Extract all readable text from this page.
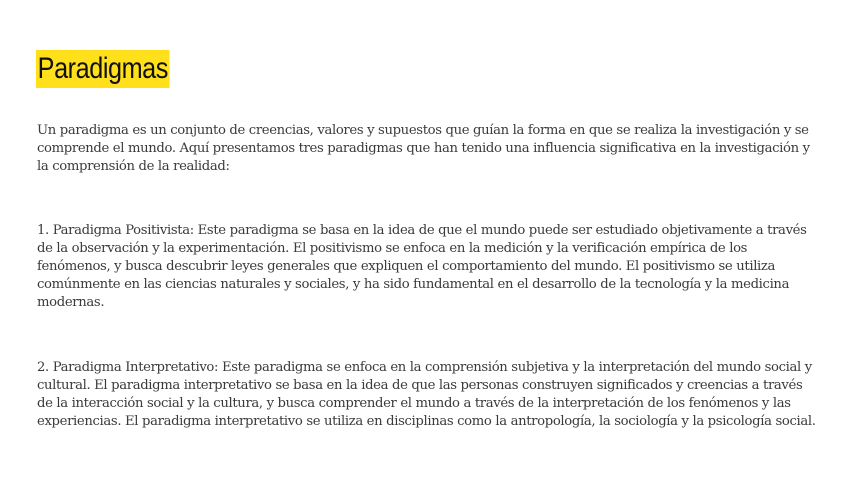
Paradigmas

Un paradigma es un conjunto de creencias, valores y supuestos que guían la forma en que se realiza la investigación y se comprende el mundo. Aquí presentamos tres paradigmas que han tenido una influencia significativa en la investigación y la comprensión de la realidad:

1. Paradigma Positivista: Este paradigma se basa en la idea de que el mundo puede ser estudiado objetivamente a través de la observación y la experimentación. El positivismo se enfoca en la medición y la verificación empírica de los fenómenos, y busca descubrir leyes generales que expliquen el comportamiento del mundo. El positivismo se utiliza comúnmente en las ciencias naturales y sociales, y ha sido fundamental en el desarrollo de la tecnología y la medicina modernas.

2. Paradigma Interpretativo: Este paradigma se enfoca en la comprensión subjetiva y la interpretación del mundo social y cultural. El paradigma interpretativo se basa en la idea de que las personas construyen significados y creencias a través de la interacción social y la cultura, y busca comprender el mundo a través de la interpretación de los fenómenos y las experiencias. El paradigma interpretativo se utiliza en disciplinas como la antropología, la sociología y la psicología social.
